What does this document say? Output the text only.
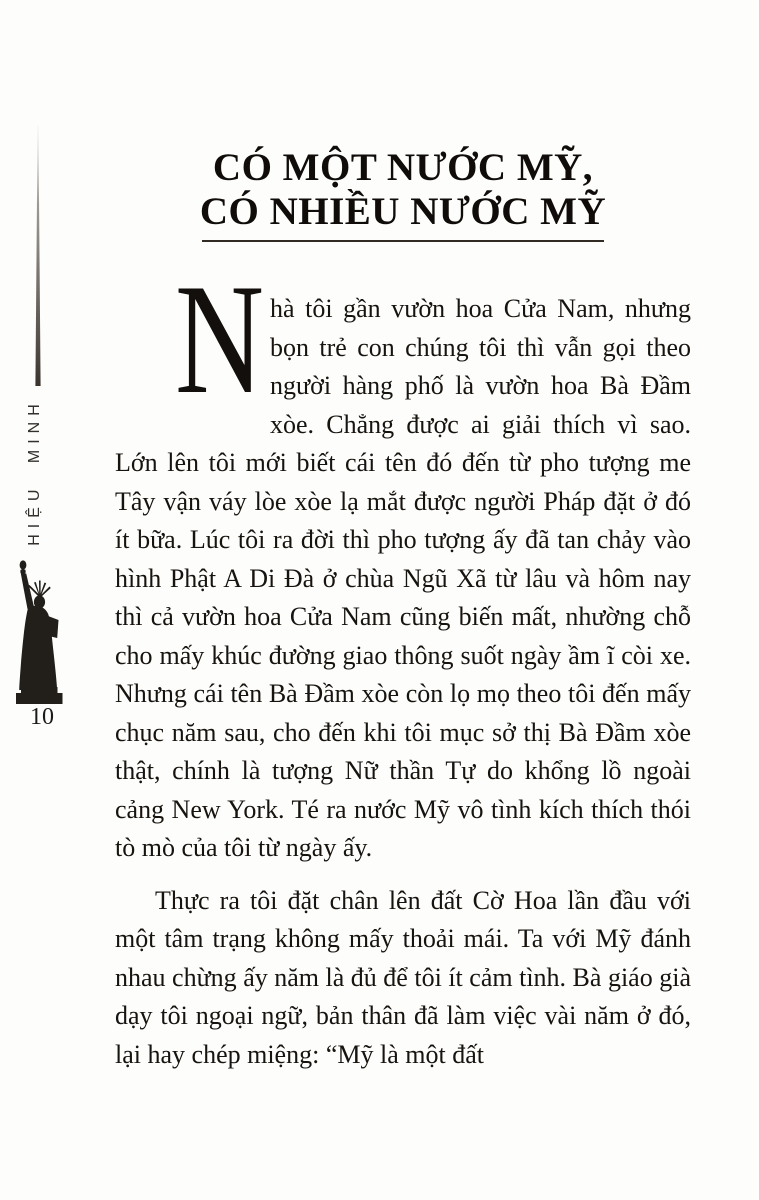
HIỆU MINH
10
CÓ MỘT NƯỚC MỸ,
CÓ NHIỀU NƯỚC MỸ

N hà tôi gần vườn hoa Cửa Nam, nhưng bọn trẻ con chúng tôi thì vẫn gọi theo người hàng phố là vườn hoa Bà Đầm xòe. Chẳng được ai giải thích vì sao. Lớn lên tôi mới biết cái tên đó đến từ pho tượng me Tây vận váy lòe xòe lạ mắt được người Pháp đặt ở đó ít bữa. Lúc tôi ra đời thì pho tượng ấy đã tan chảy vào hình Phật A Di Đà ở chùa Ngũ Xã từ lâu và hôm nay thì cả vườn hoa Cửa Nam cũng biến mất, nhường chỗ cho mấy khúc đường giao thông suốt ngày ầm ĩ còi xe. Nhưng cái tên Bà Đầm xòe còn lọ mọ theo tôi đến mấy chục năm sau, cho đến khi tôi mục sở thị Bà Đầm xòe thật, chính là tượng Nữ thần Tự do khổng lồ ngoài cảng New York. Té ra nước Mỹ vô tình kích thích thói tò mò của tôi từ ngày ấy.

Thực ra tôi đặt chân lên đất Cờ Hoa lần đầu với một tâm trạng không mấy thoải mái. Ta với Mỹ đánh nhau chừng ấy năm là đủ để tôi ít cảm tình. Bà giáo già dạy tôi ngoại ngữ, bản thân đã làm việc vài năm ở đó, lại hay chép miệng: “Mỹ là một đất
